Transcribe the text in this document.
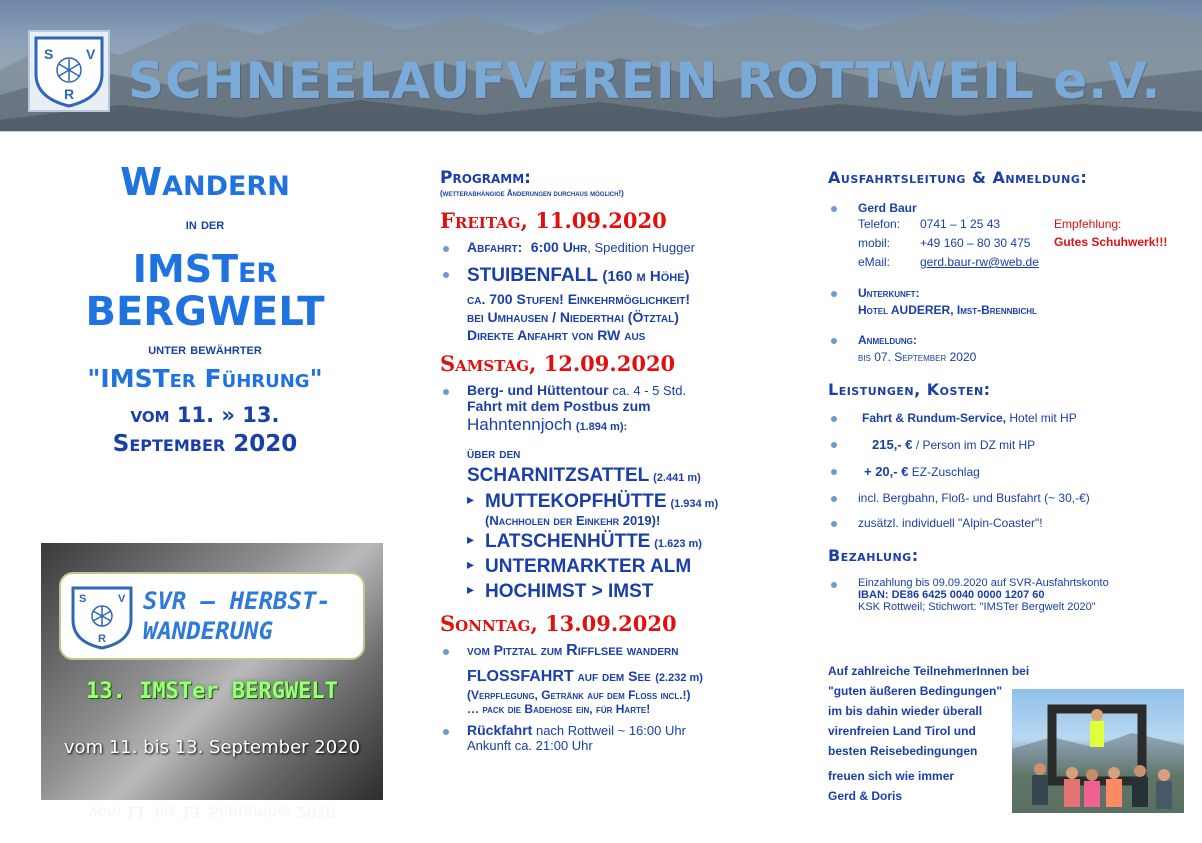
S V
R SCHNEELAUFVEREIN ROTTWEIL e.V.
Wandern
in der
IMSTer
BERGWELT
unter bewährter
"IMSTer Führung"
vom 11. » 13.
September 2020
S	V
R
SVR – HERBST-
WANDERUNG
13. IMSTer BERGWELT
vom 11. bis 13. September 2020
vom 11. bis 13. September 2020
Programm:
(wetterabhängige Änderungen durchaus möglich!)
Freitag, 11.09.2020
Abfahrt: 6:00 Uhr, Spedition Hugger
STUIBENFALL (160 m Höhe)
ca. 700 Stufen! Einkehrmöglichkeit!
bei Umhausen / Niederthai (Ötztal)
Direkte Anfahrt von RW aus
Samstag, 12.09.2020
Berg- und Hüttentour ca. 4 - 5 Std.
Fahrt mit dem Postbus zum
Hahntennjoch (1.894 m):
über den
SCHARNITZSATTEL (2.441 m)
▸ MUTTEKOPFHÜTTE (1.934 m)
(Nachholen der Einkehr 2019)!
▸ LATSCHENHÜTTE (1.623 m)
▸ UNTERMARKTER ALM
▸ HOCHIMST > IMST
Sonntag, 13.09.2020
vom Pitztal zum Rifflsee wandern
FLOSSFAHRT auf dem See (2.232 m)
(Verpflegung, Getränk auf dem Floss incl.!)
… pack die Badehose ein, für Harte!
Rückfahrt nach Rottweil ~ 16:00 Uhr
Ankunft ca. 21:00 Uhr
Ausfahrtsleitung & Anmeldung:
Gerd Baur
Telefon:	0741 – 1 25 43
mobil:	+49 160 – 80 30 475
eMail:	gerd.baur-rw@web.de
Empfehlung:
Gutes Schuhwerk!!!
Unterkunft:
Hotel AUDERER, Imst-Brennbichl
Anmeldung:
bis 07. September 2020
Leistungen, Kosten:
Fahrt & Rundum-Service, Hotel mit HP
215,- € / Person im DZ mit HP
+ 20,- € EZ-Zuschlag
incl. Bergbahn, Floß- und Busfahrt (~ 30,-€)
zusätzl. individuell "Alpin-Coaster"!
Bezahlung:
Einzahlung bis 09.09.2020 auf SVR-Ausfahrtskonto
IBAN: DE86 6425 0040 0000 1207 60
KSK Rottweil; Stichwort: "IMSTer Bergwelt 2020"
Auf zahlreiche TeilnehmerInnen bei
"guten äußeren Bedingungen"
im bis dahin wieder überall
virenfreien Land Tirol und
besten Reisebedingungen
freuen sich wie immer
Gerd & Doris
